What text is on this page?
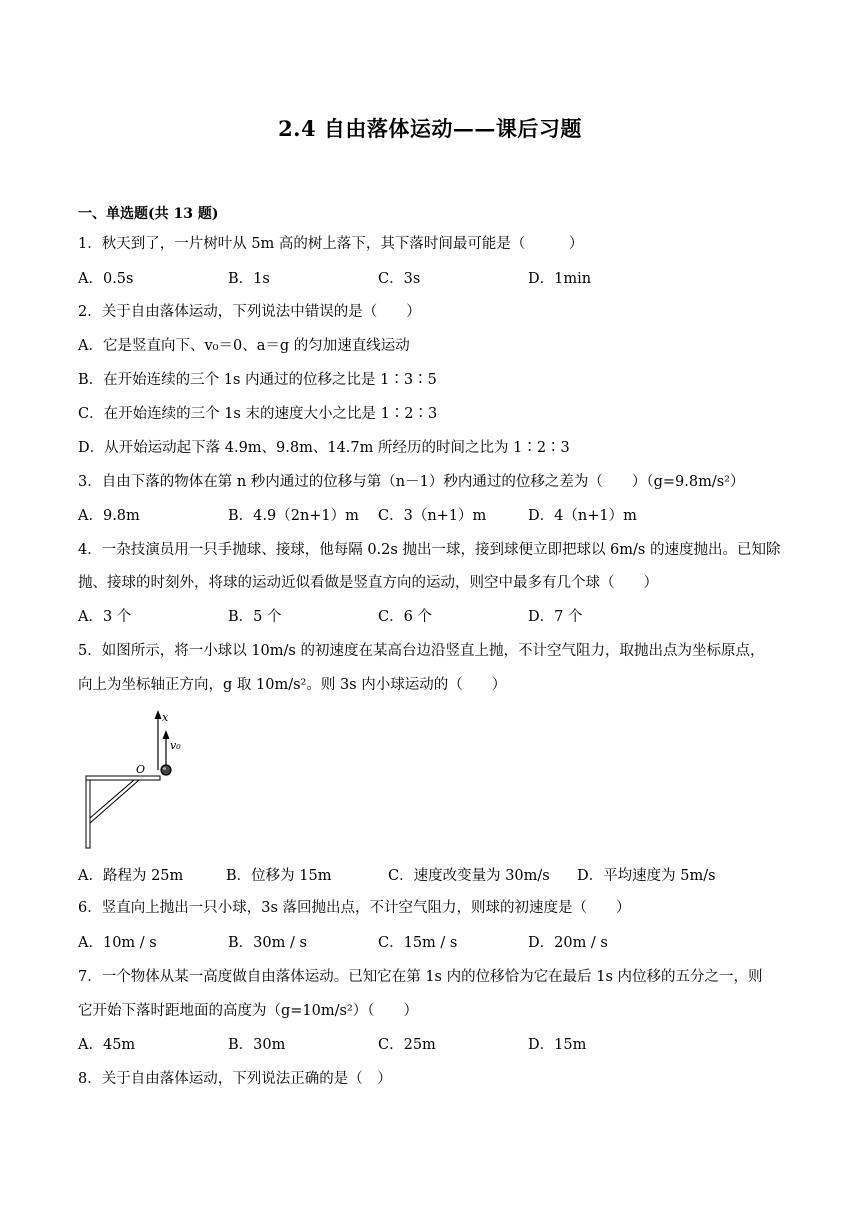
2.4 自由落体运动——课后习题
一、单选题(共 13 题)
1．秋天到了，一片树叶从 5m 高的树上落下，其下落时间最可能是（　　　）
A．0.5s	B．1s	C．3s	D．1min
2．关于自由落体运动，下列说法中错误的是（　　）
A．它是竖直向下、v₀＝0、a＝g 的匀加速直线运动
B．在开始连续的三个 1s 内通过的位移之比是 1∶3∶5
C．在开始连续的三个 1s 末的速度大小之比是 1∶2∶3
D．从开始运动起下落 4.9m、9.8m、14.7m 所经历的时间之比为 1∶2∶3
3．自由下落的物体在第 n 秒内通过的位移与第（n－1）秒内通过的位移之差为（　　）（g=9.8m/s²）
A．9.8m	B．4.9（2n+1）m C．3（n+1）m	D．4（n+1）m
4．一杂技演员用一只手抛球、接球，他每隔 0.2s 抛出一球，接到球便立即把球以 6m/s 的速度抛出。已知除
抛、接球的时刻外，将球的运动近似看做是竖直方向的运动，则空中最多有几个球（　　）
A．3 个	B．5 个	C．6 个	D．7 个
5．如图所示，将一小球以 10m/s 的初速度在某高台边沿竖直上抛，不计空气阻力，取抛出点为坐标原点，
向上为坐标轴正方向，g 取 10m/s²。则 3s 内小球运动的（　　）
x
v₀
O
A．路程为 25m	B．位移为 15m	C．速度改变量为 30m/s D．平均速度为 5m/s
6．竖直向上抛出一只小球，3s 落回抛出点，不计空气阻力，则球的初速度是（　　）
A．10m / s	B．30m / s	C．15m / s	D．20m / s
7．一个物体从某一高度做自由落体运动。已知它在第 1s 内的位移恰为它在最后 1s 内位移的五分之一，则
它开始下落时距地面的高度为（g=10m/s²）（　　）
A．45m	B．30m	C．25m	D．15m
8．关于自由落体运动，下列说法正确的是（　）
